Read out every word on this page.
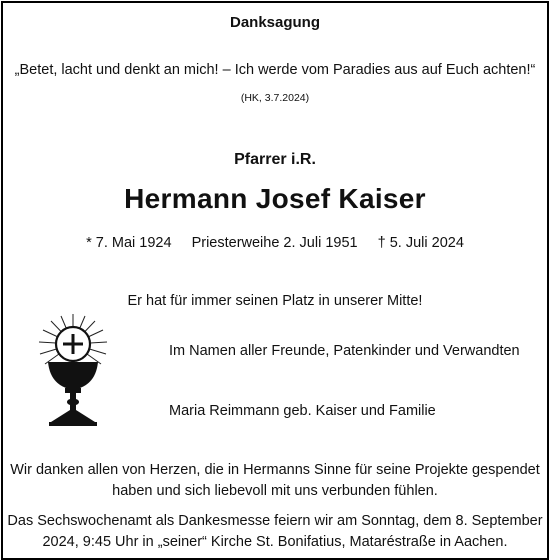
Danksagung
„Betet, lacht und denkt an mich! – Ich werde vom Paradies aus auf Euch achten!“
(HK, 3.7.2024)
Pfarrer i.R.
Hermann Josef Kaiser
* 7. Mai 1924 Priesterweihe 2. Juli 1951 † 5. Juli 2024
Er hat für immer seinen Platz in unserer Mitte!
Im Namen aller Freunde, Patenkinder und Verwandten
Maria Reimmann geb. Kaiser und Familie
Wir danken allen von Herzen, die in Hermanns Sinne für seine Projekte gespendet
haben und sich liebevoll mit uns verbunden fühlen.
Das Sechswochenamt als Dankesmesse feiern wir am Sonntag, dem 8. September
2024, 9:45 Uhr in „seiner“ Kirche St. Bonifatius, Mataréstraße in Aachen.
